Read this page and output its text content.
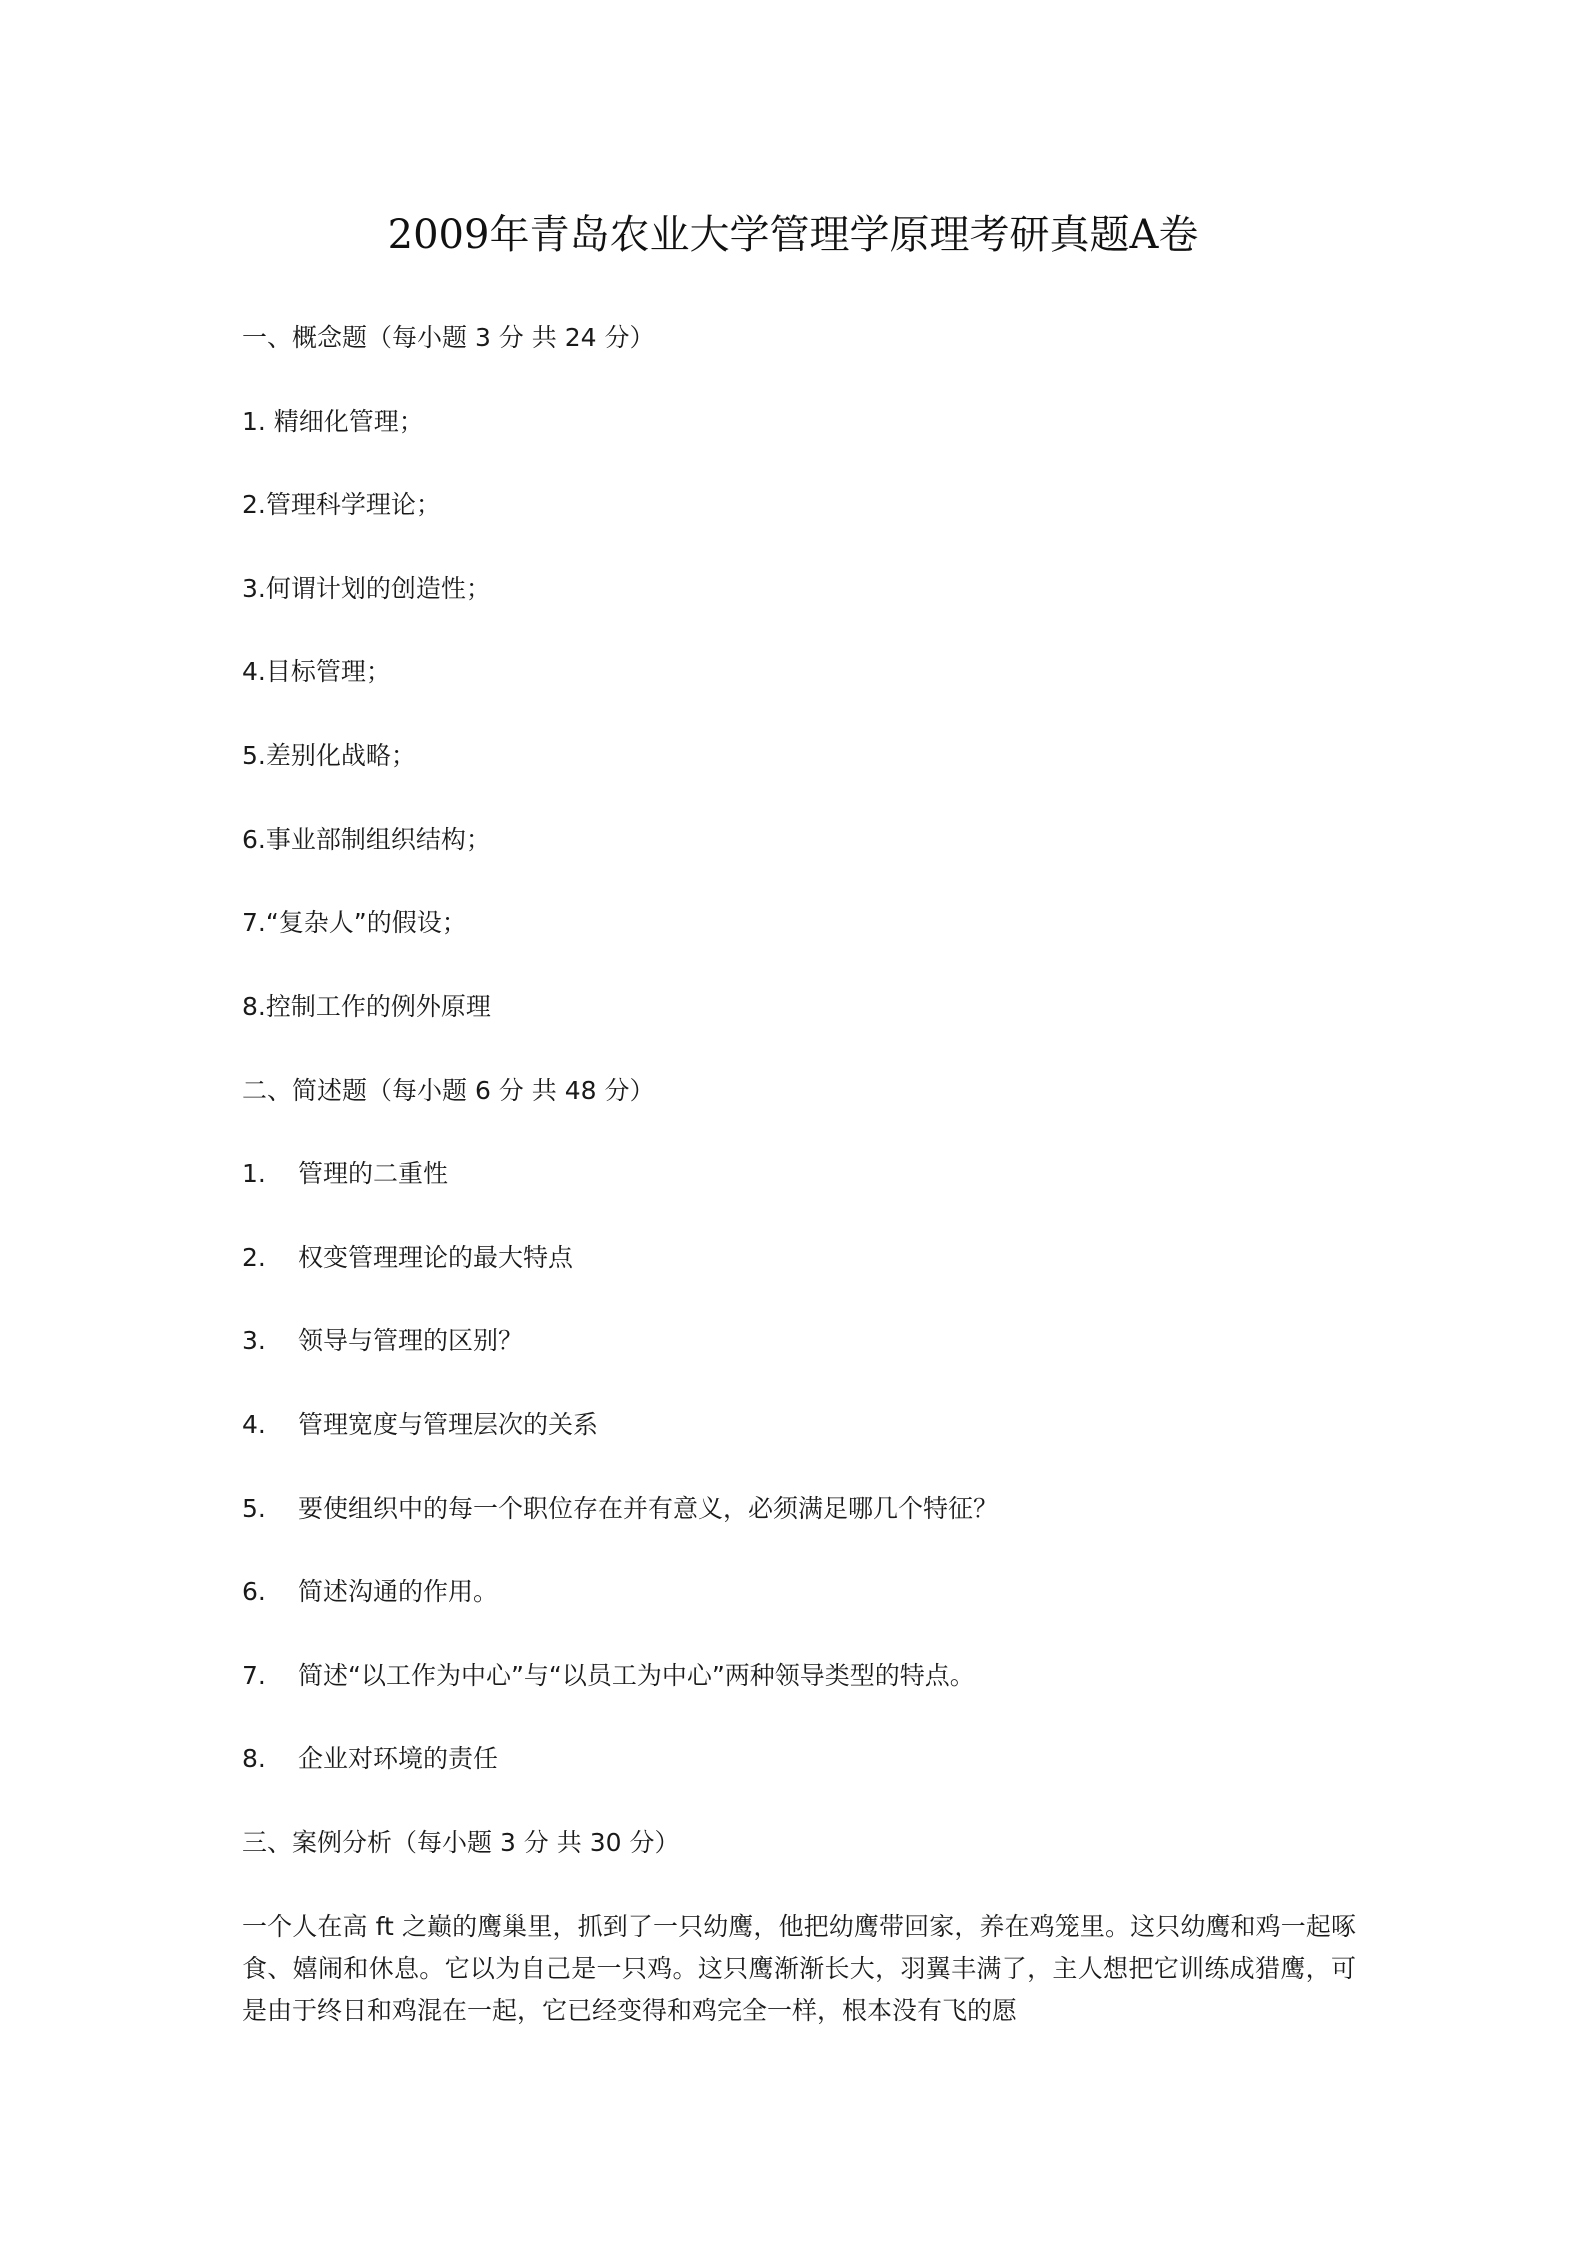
2009年青岛农业大学管理学原理考研真题A卷
一、概念题（每小题 3 分 共 24 分）
1. 精细化管理；
2.管理科学理论；
3.何谓计划的创造性；
4.目标管理；
5.差别化战略；
6.事业部制组织结构；
7.“复杂人”的假设；
8.控制工作的例外原理
二、简述题（每小题 6 分 共 48 分）
1. 管理的二重性
2. 权变管理理论的最大特点
3. 领导与管理的区别？
4. 管理宽度与管理层次的关系
5. 要使组织中的每一个职位存在并有意义，必须满足哪几个特征？
6. 简述沟通的作用。
7. 简述“以工作为中心”与“以员工为中心”两种领导类型的特点。
8. 企业对环境的责任
三、案例分析（每小题 3 分 共 30 分）
一个人在高 ft 之巅的鹰巢里，抓到了一只幼鹰，他把幼鹰带回家，养在鸡笼里。这只幼鹰和鸡一起啄食、嬉闹和休息。它以为自己是一只鸡。这只鹰渐渐长大，羽翼丰满了，主人想把它训练成猎鹰，可是由于终日和鸡混在一起，它已经变得和鸡完全一样，根本没有飞的愿
